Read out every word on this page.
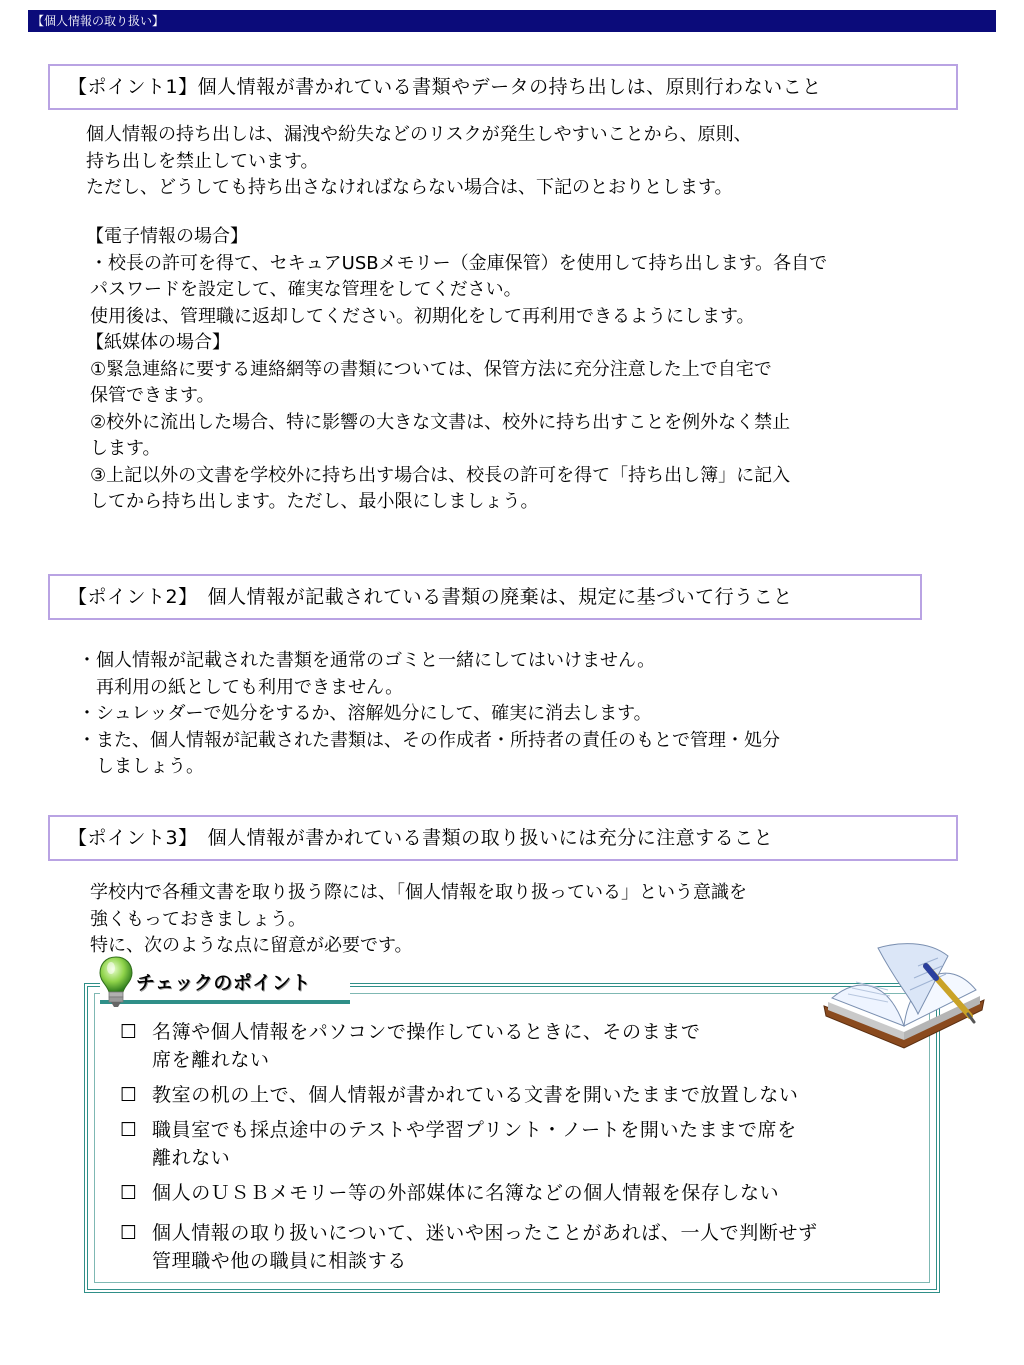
【個人情報の取り扱い】
【ポイント1】個人情報が書かれている書類やデータの持ち出しは、原則行わないこと
個人情報の持ち出しは、漏洩や紛失などのリスクが発生しやすいことから、原則、
持ち出しを禁止しています。
ただし、どうしても持ち出さなければならない場合は、下記のとおりとします。
【電子情報の場合】
・校長の許可を得て、セキュアUSBメモリー（金庫保管）を使用して持ち出します。各自で
パスワードを設定して、確実な管理をしてください。
使用後は、管理職に返却してください。初期化をして再利用できるようにします。
【紙媒体の場合】
①緊急連絡に要する連絡網等の書類については、保管方法に充分注意した上で自宅で
保管できます。
②校外に流出した場合、特に影響の大きな文書は、校外に持ち出すことを例外なく禁止
します。
③上記以外の文書を学校外に持ち出す場合は、校長の許可を得て「持ち出し簿」に記入
してから持ち出します。ただし、最小限にしましょう。
【ポイント2】　個人情報が記載されている書類の廃棄は、規定に基づいて行うこと
・個人情報が記載された書類を通常のゴミと一緒にしてはいけません。
　再利用の紙としても利用できません。
・シュレッダーで処分をするか、溶解処分にして、確実に消去します。
・また、個人情報が記載された書類は、その作成者・所持者の責任のもとで管理・処分
　しましょう。
【ポイント3】　個人情報が書かれている書類の取り扱いには充分に注意すること
学校内で各種文書を取り扱う際には、「個人情報を取り扱っている」という意識を
強くもっておきましょう。
特に、次のような点に留意が必要です。
チェックのポイント
☐ 名簿や個人情報をパソコンで操作しているときに、そのままで
席を離れない
☐ 教室の机の上で、個人情報が書かれている文書を開いたままで放置しない
☐ 職員室でも採点途中のテストや学習プリント・ノートを開いたままで席を
離れない
☐ 個人のＵＳＢメモリー等の外部媒体に名簿などの個人情報を保存しない
☐ 個人情報の取り扱いについて、迷いや困ったことがあれば、一人で判断せず
管理職や他の職員に相談する
